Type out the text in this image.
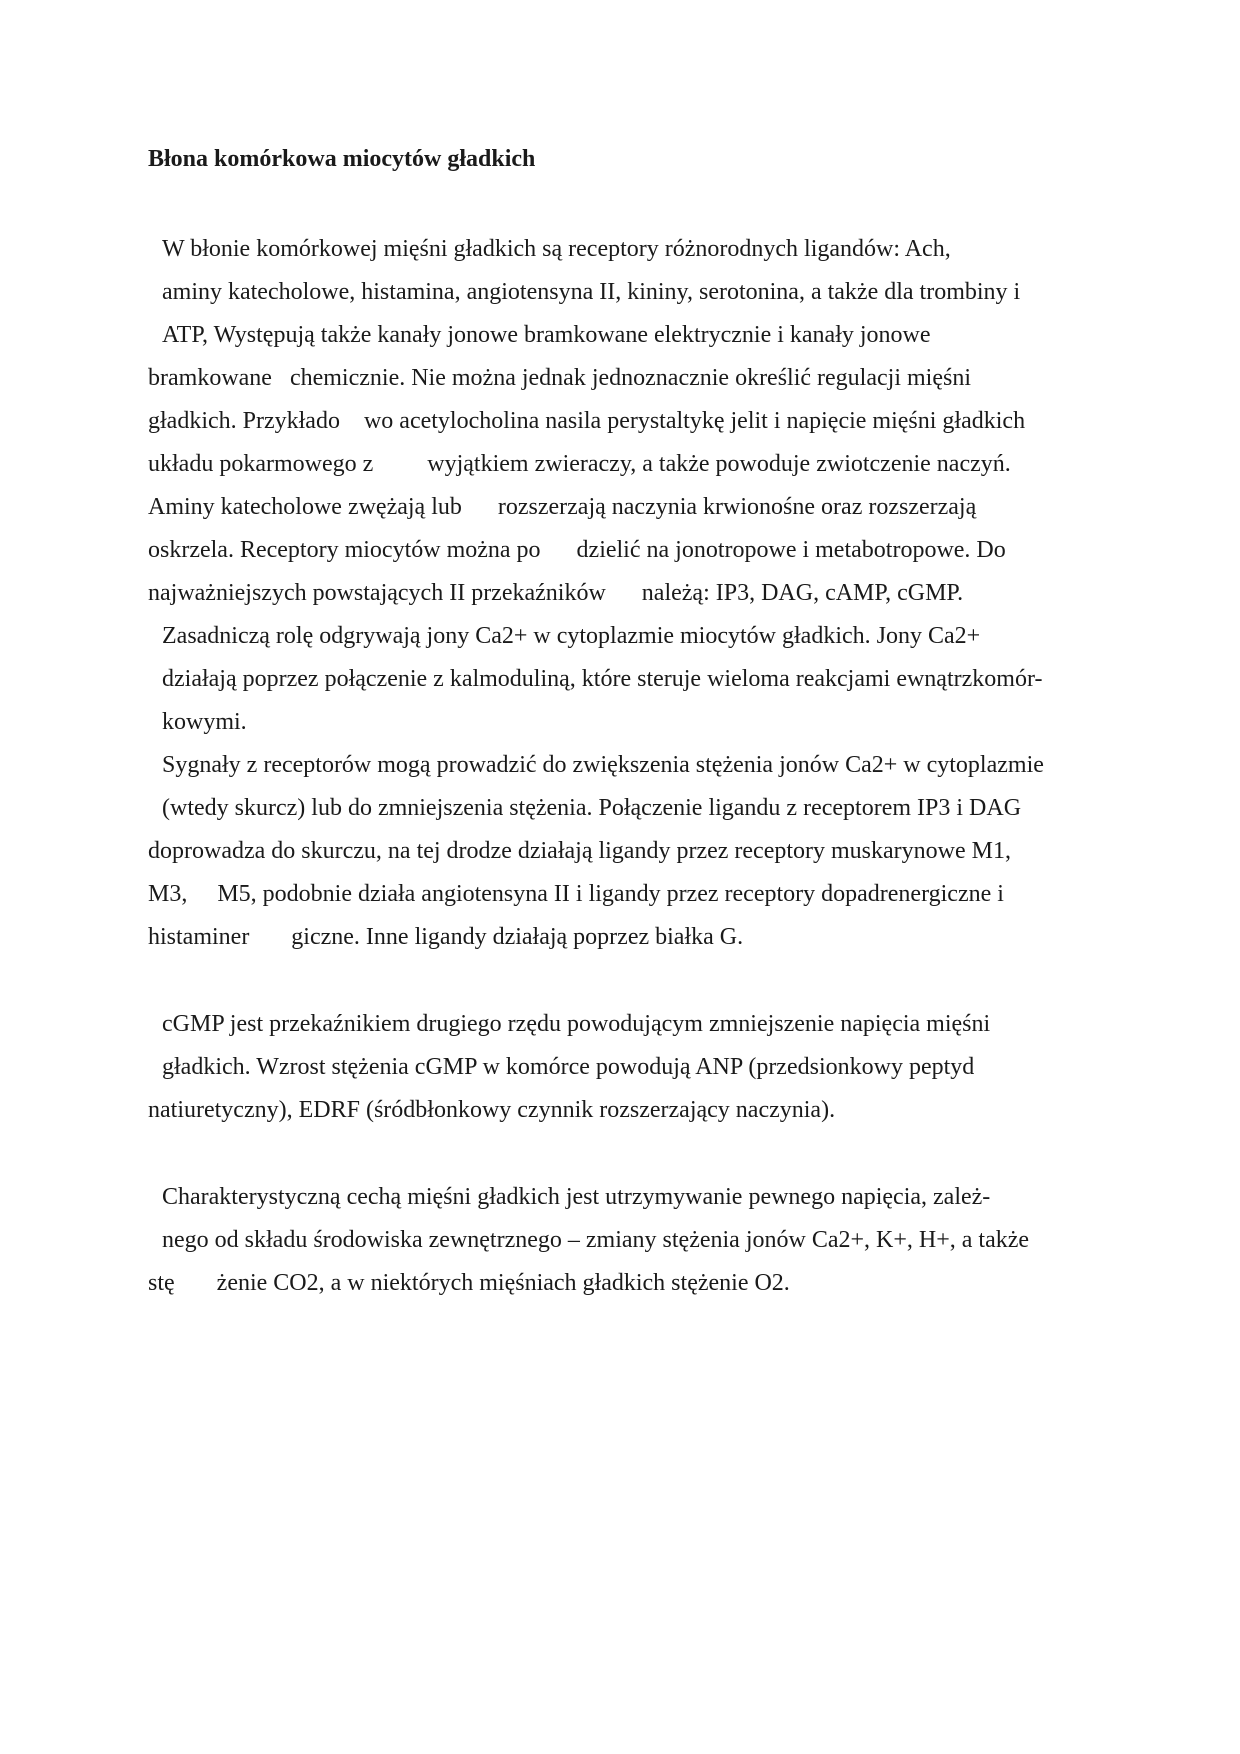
Błona komórkowa miocytów gładkich
W błonie komórkowej mięśni gładkich są receptory różnorodnych ligandów: Ach,
aminy katecholowe, histamina, angiotensyna II, kininy, serotonina, a także dla trombiny i
ATP, Występują także kanały jonowe bramkowane elektrycznie i kanały jonowe
bramkowane   chemicznie. Nie można jednak jednoznacznie określić regulacji mięśni
gładkich. Przykłado    wo acetylocholina nasila perystaltykę jelit i napięcie mięśni gładkich
układu pokarmowego z         wyjątkiem zwieraczy, a także powoduje zwiotczenie naczyń.
Aminy katecholowe zwężają lub      rozszerzają naczynia krwionośne oraz rozszerzają
oskrzela. Receptory miocytów można po      dzielić na jonotropowe i metabotropowe. Do
najważniejszych powstających II przekaźników      należą: IP3, DAG, cAMP, cGMP.
Zasadniczą rolę odgrywają jony Ca2+ w cytoplazmie miocytów gładkich. Jony Ca2+
działają poprzez połączenie z kalmoduliną, które steruje wieloma reakcjami ewnątrzkomór-
kowymi.
Sygnały z receptorów mogą prowadzić do zwiększenia stężenia jonów Ca2+ w cytoplazmie
(wtedy skurcz) lub do zmniejszenia stężenia. Połączenie ligandu z receptorem IP3 i DAG
doprowadza do skurczu, na tej drodze działają ligandy przez receptory muskarynowe M1,
M3,     M5, podobnie działa angiotensyna II i ligandy przez receptory dopadrenergiczne i
histaminer       giczne. Inne ligandy działają poprzez białka G.
cGMP jest przekaźnikiem drugiego rzędu powodującym zmniejszenie napięcia mięśni
gładkich. Wzrost stężenia cGMP w komórce powodują ANP (przedsionkowy peptyd
natiuretyczny), EDRF (śródbłonkowy czynnik rozszerzający naczynia).
Charakterystyczną cechą mięśni gładkich jest utrzymywanie pewnego napięcia, zależ-
nego od składu środowiska zewnętrznego – zmiany stężenia jonów Ca2+, K+, H+, a także
stę       żenie CO2, a w niektórych mięśniach gładkich stężenie O2.
